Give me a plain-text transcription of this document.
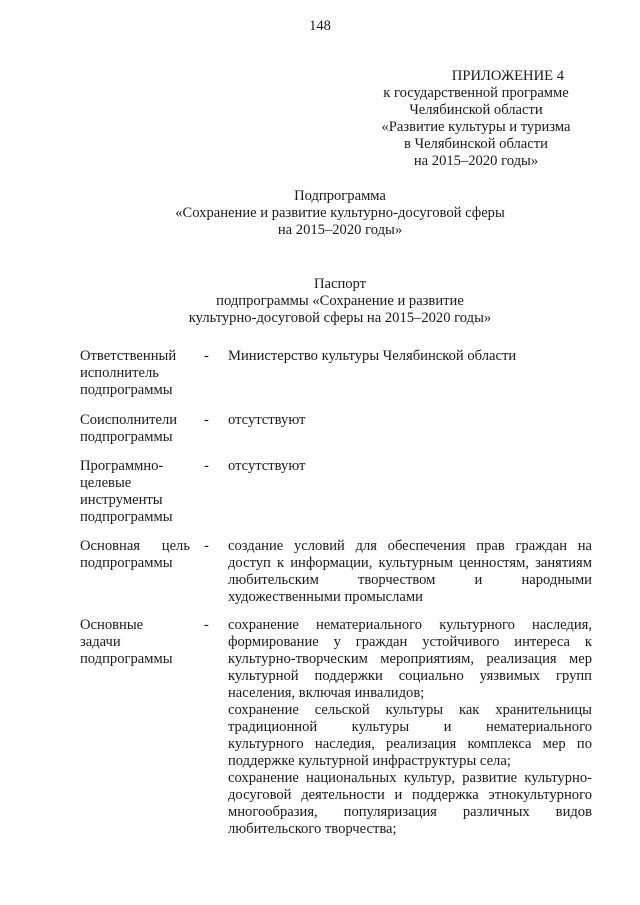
148
ПРИЛОЖЕНИЕ 4
к государственной программе
Челябинской области
«Развитие культуры и туризма
в Челябинской области
на 2015–2020 годы»
Подпрограмма
«Сохранение и развитие культурно-досуговой сферы
на 2015–2020 годы»
Паспорт
подпрограммы «Сохранение и развитие
культурно-досуговой сферы на 2015–2020 годы»
Ответственный
исполнитель
подпрограммы
- Министерство культуры Челябинской области
Соисполнители
подпрограммы
- отсутствуют
Программно-
целевые
инструменты
подпрограммы
- отсутствуют
Основная цель
подпрограммы
- создание условий для обеспечения прав граждан на
доступ к информации, культурным ценностям, занятиям
любительским творчеством и народными
художественными промыслами
Основные
задачи
подпрограммы
- сохранение нематериального культурного наследия,
формирование у граждан устойчивого интереса к
культурно-творческим мероприятиям, реализация мер
культурной поддержки социально уязвимых групп
населения, включая инвалидов;
сохранение сельской культуры как хранительницы
традиционной культуры и нематериального
культурного наследия, реализация комплекса мер по
поддержке культурной инфраструктуры села;
сохранение национальных культур, развитие культурно-
досуговой деятельности и поддержка этнокультурного
многообразия, популяризация различных видов
любительского творчества;
